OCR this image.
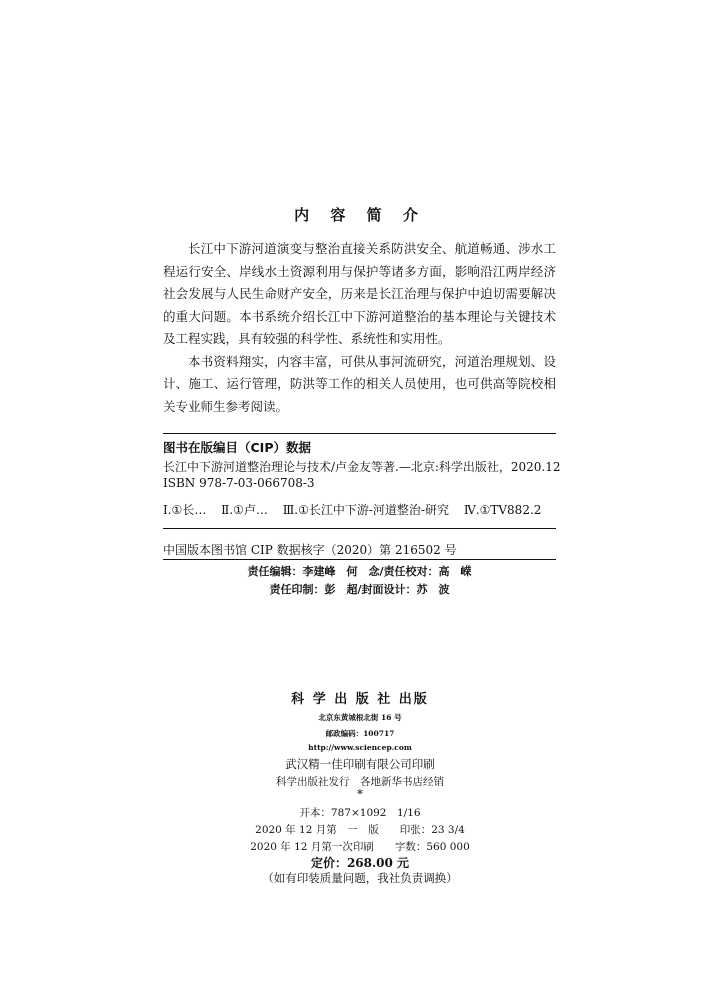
内 容 简 介

长江中下游河道演变与整治直接关系防洪安全、航道畅通、涉水工程运行安全、岸线水土资源利用与保护等诸多方面，影响沿江两岸经济社会发展与人民生命财产安全，历来是长江治理与保护中迫切需要解决的重大问题。本书系统介绍长江中下游河道整治的基本理论与关键技术及工程实践，具有较强的科学性、系统性和实用性。

本书资料翔实，内容丰富，可供从事河流研究，河道治理规划、设计、施工、运行管理，防洪等工作的相关人员使用，也可供高等院校相关专业师生参考阅读。

图书在版编目（CIP）数据
长江中下游河道整治理论与技术/卢金友等著.—北京:科学出版社，2020.12
ISBN 978-7-03-066708-3
Ⅰ.①长… Ⅱ.①卢… Ⅲ.①长江中下游-河道整治-研究 Ⅳ.①TV882.2
中国版本图书馆 CIP 数据核字（2020）第 216502 号
责任编辑：李建峰　何　念/责任校对：高　嵘
责任印制：彭　超/封面设计：苏　波
科 学 出 版 社 出版
北京东黄城根北街 16 号
邮政编码：100717
http://www.sciencep.com
武汉精一佳印刷有限公司印刷
科学出版社发行　各地新华书店经销
*
开本：787×1092　1/16
2020 年 12 月第　一　版　　印张：23 3/4
2020 年 12 月第一次印刷　　字数：560 000
定价：268.00 元
（如有印装质量问题，我社负责调换）
